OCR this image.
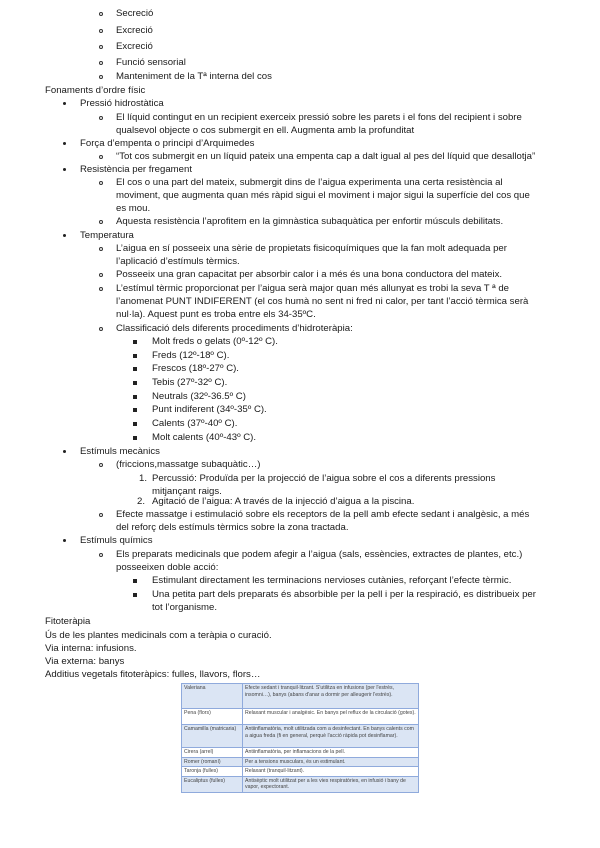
Secreció
Excreció
Funció sensorial
Manteniment de la Tª interna del cos
Excreció
Fonaments d’ordre físic
Pressió hidrostàtica
El líquid contingut en un recipient exerceix pressió sobre les parets i el fons del recipient i sobre
qualsevol objecte o cos submergit en ell. Augmenta amb la profunditat
Força d’empenta o principi d’Arquimedes
“Tot cos submergit en un líquid pateix una empenta cap a dalt igual al pes del líquid que desallotja”
Resistència per fregament
El cos o una part del mateix, submergit dins de l’aigua experimenta una certa resistència al
moviment, que augmenta quan més ràpid sigui el moviment i major sigui la superfície del cos que
es mou.
Aquesta resistència l’aprofitem en la gimnàstica subaquàtica per enfortir músculs debilitats.
Temperatura
L’aigua en sí posseeix una sèrie de propietats fisicoquímiques que la fan molt adequada per
l’aplicació d’estímuls tèrmics.
Posseeix una gran capacitat per absorbir calor i a més és una bona conductora del mateix.
L’estímul tèrmic proporcionat per l’aigua serà major quan més allunyat es trobi la seva T ª de
l’anomenat PUNT INDIFERENT (el cos humà no sent ni fred ni calor, per tant l’acció tèrmica serà
nul·la). Aquest punt es troba entre els 34-35ºC.
Classificació dels diferents procediments d’hidroteràpia:
Molt freds o gelats (0º-12º C).
Freds (12º-18º C).
Frescos (18º-27º C).
Tebis (27º-32º C).
Neutrals (32º-36.5º C)
Punt indiferent (34º-35º C).
Calents (37º-40º C).
Molt calents (40º-43º C).
Estímuls mecànics
(friccions,massatge subaquàtic…)
1. Percussió: Produïda per la projecció de l’aigua sobre el cos a diferents pressions
mitjançant raigs.
2. Agitació de l’aigua: A través de la injecció d’aigua a la piscina.
Efecte massatge i estimulació sobre els receptors de la pell amb efecte sedant i analgèsic, a més
del reforç dels estímuls tèrmics sobre la zona tractada.
Estímuls químics
Els preparats medicinals que podem afegir a l’aigua (sals, essències, extractes de plantes, etc.)
posseeixen doble acció:
Estimulant directament les terminacions nervioses cutànies, reforçant l’efecte tèrmic.
Una petita part dels preparats és absorbible per la pell i per la respiració, es distribueix per
tot l’organisme.
Fitoteràpia
Ús de les plantes medicinals com a teràpia o curació.
Via interna: infusions.
Via externa: banys
Additius vegetals fitoteràpics: fulles, llavors, flors…
Valeriana	Efecte sedant i tranquil·litzant. S'utilitza en infusions (per l'estrès, insomni…), banys (abans d'anar a dormir per alleugerir l'estrès).
Pena (flors)	Relaxant muscular i analgèsic. En banys pel reflux de la circulació (gotes).
Camamilla (matricaria)	Antiinflamatòria, molt utilitzada com a desinfectant. En banys calents com a aigua freda (fi en general, perquè l'acció ràpida pot desinflamar).
Cirera (arrel)	Antiinflamatòria, per inflamacions de la pell.
Romer (romaní)	Per a tensions musculars, és un estimulant.
Taronja (fulles)	Relaxant (tranquil·litzant).
Eucaliptus (fulles)	Antisèptic molt utilitzat per a les vies respiratòries, en infusió i bany de vapor, expectorant.
